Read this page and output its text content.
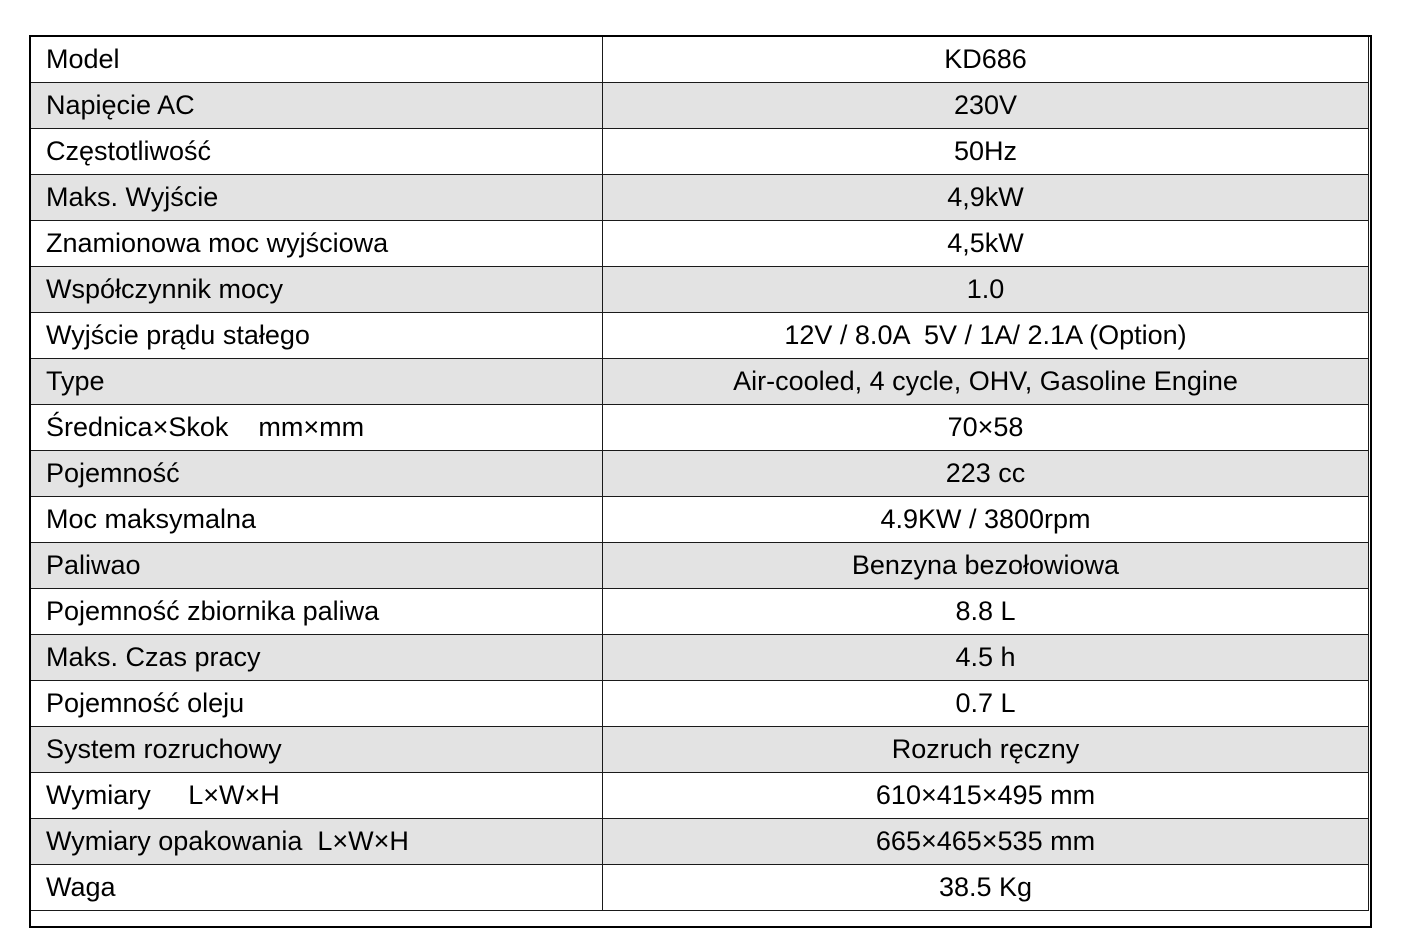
Model	KD686
Napięcie AC	230V
Częstotliwość	50Hz
Maks. Wyjście	4,9kW
Znamionowa moc wyjściowa	4,5kW
Współczynnik mocy	1.0
Wyjście prądu stałego	12V / 8.0A  5V / 1A/ 2.1A (Option)
Type	Air-cooled, 4 cycle, OHV, Gasoline Engine
Średnica×Skok    mm×mm	70×58
Pojemność	223 cc
Moc maksymalna	4.9KW / 3800rpm
Paliwao	Benzyna bezołowiowa
Pojemność zbiornika paliwa	8.8 L
Maks. Czas pracy	4.5 h
Pojemność oleju	0.7 L
System rozruchowy	Rozruch ręczny
Wymiary     L×W×H	610×415×495 mm
Wymiary opakowania  L×W×H	665×465×535 mm
Waga	38.5 Kg
